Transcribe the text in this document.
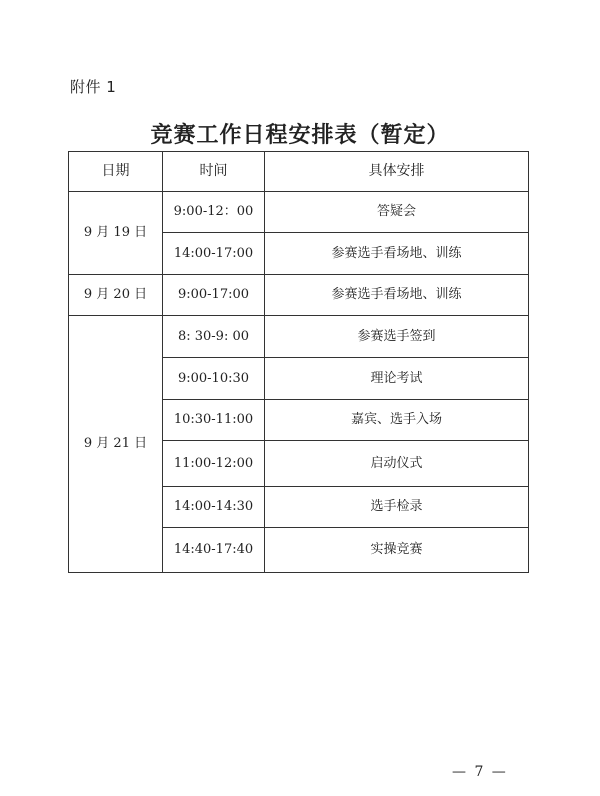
附件 1
竞赛工作日程安排表（暂定）
日期	时间	具体安排
9 月 19 日	9:00-12：00	答疑会
	14:00-17:00	参赛选手看场地、训练
9 月 20 日	9:00-17:00	参赛选手看场地、训练
9 月 21 日	8: 30-9: 00	参赛选手签到
	9:00-10:30	理论考试
	10:30-11:00	嘉宾、选手入场
	11:00-12:00	启动仪式
	14:00-14:30	选手检录
	14:40-17:40	实操竞赛
— 7 —
